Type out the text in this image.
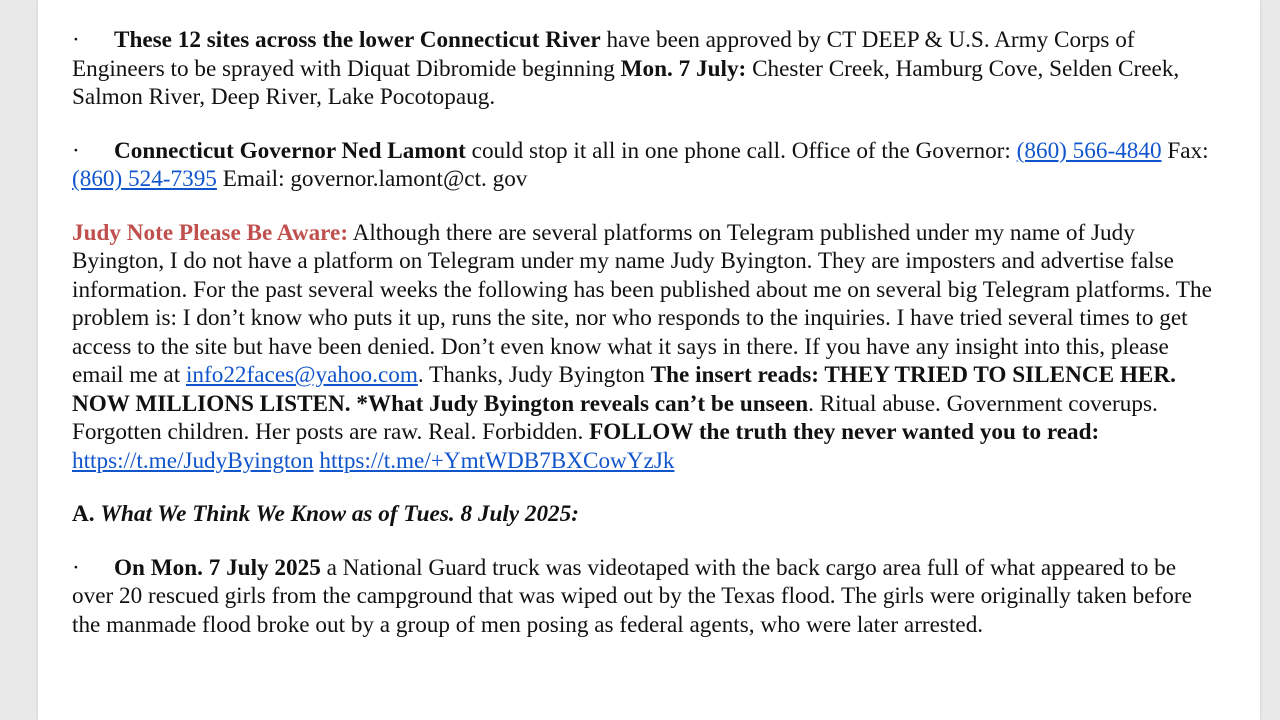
· These 12 sites across the lower Connecticut River have been approved by CT DEEP & U.S. Army Corps of Engineers to be sprayed with Diquat Dibromide beginning Mon. 7 July: Chester Creek, Hamburg Cove, Selden Creek, Salmon River, Deep River, Lake Pocotopaug.

· Connecticut Governor Ned Lamont could stop it all in one phone call. Office of the Governor: (860) 566-4840 Fax: (860) 524-7395 Email: governor.lamont@ct. gov

Judy Note Please Be Aware: Although there are several platforms on Telegram published under my name of Judy Byington, I do not have a platform on Telegram under my name Judy Byington. They are imposters and advertise false information. For the past several weeks the following has been published about me on several big Telegram platforms. The problem is: I don’t know who puts it up, runs the site, nor who responds to the inquiries. I have tried several times to get access to the site but have been denied. Don’t even know what it says in there. If you have any insight into this, please email me at info22faces@yahoo.com. Thanks, Judy Byington The insert reads: THEY TRIED TO SILENCE HER. NOW MILLIONS LISTEN. *What Judy Byington reveals can’t be unseen. Ritual abuse. Government coverups. Forgotten children. Her posts are raw. Real. Forbidden. FOLLOW the truth they never wanted you to read: https://t.me/JudyByington https://t.me/+YmtWDB7BXCowYzJk

A. What We Think We Know as of Tues. 8 July 2025:

· On Mon. 7 July 2025 a National Guard truck was videotaped with the back cargo area full of what appeared to be over 20 rescued girls from the campground that was wiped out by the Texas flood. The girls were originally taken before the manmade flood broke out by a group of men posing as federal agents, who were later arrested.
